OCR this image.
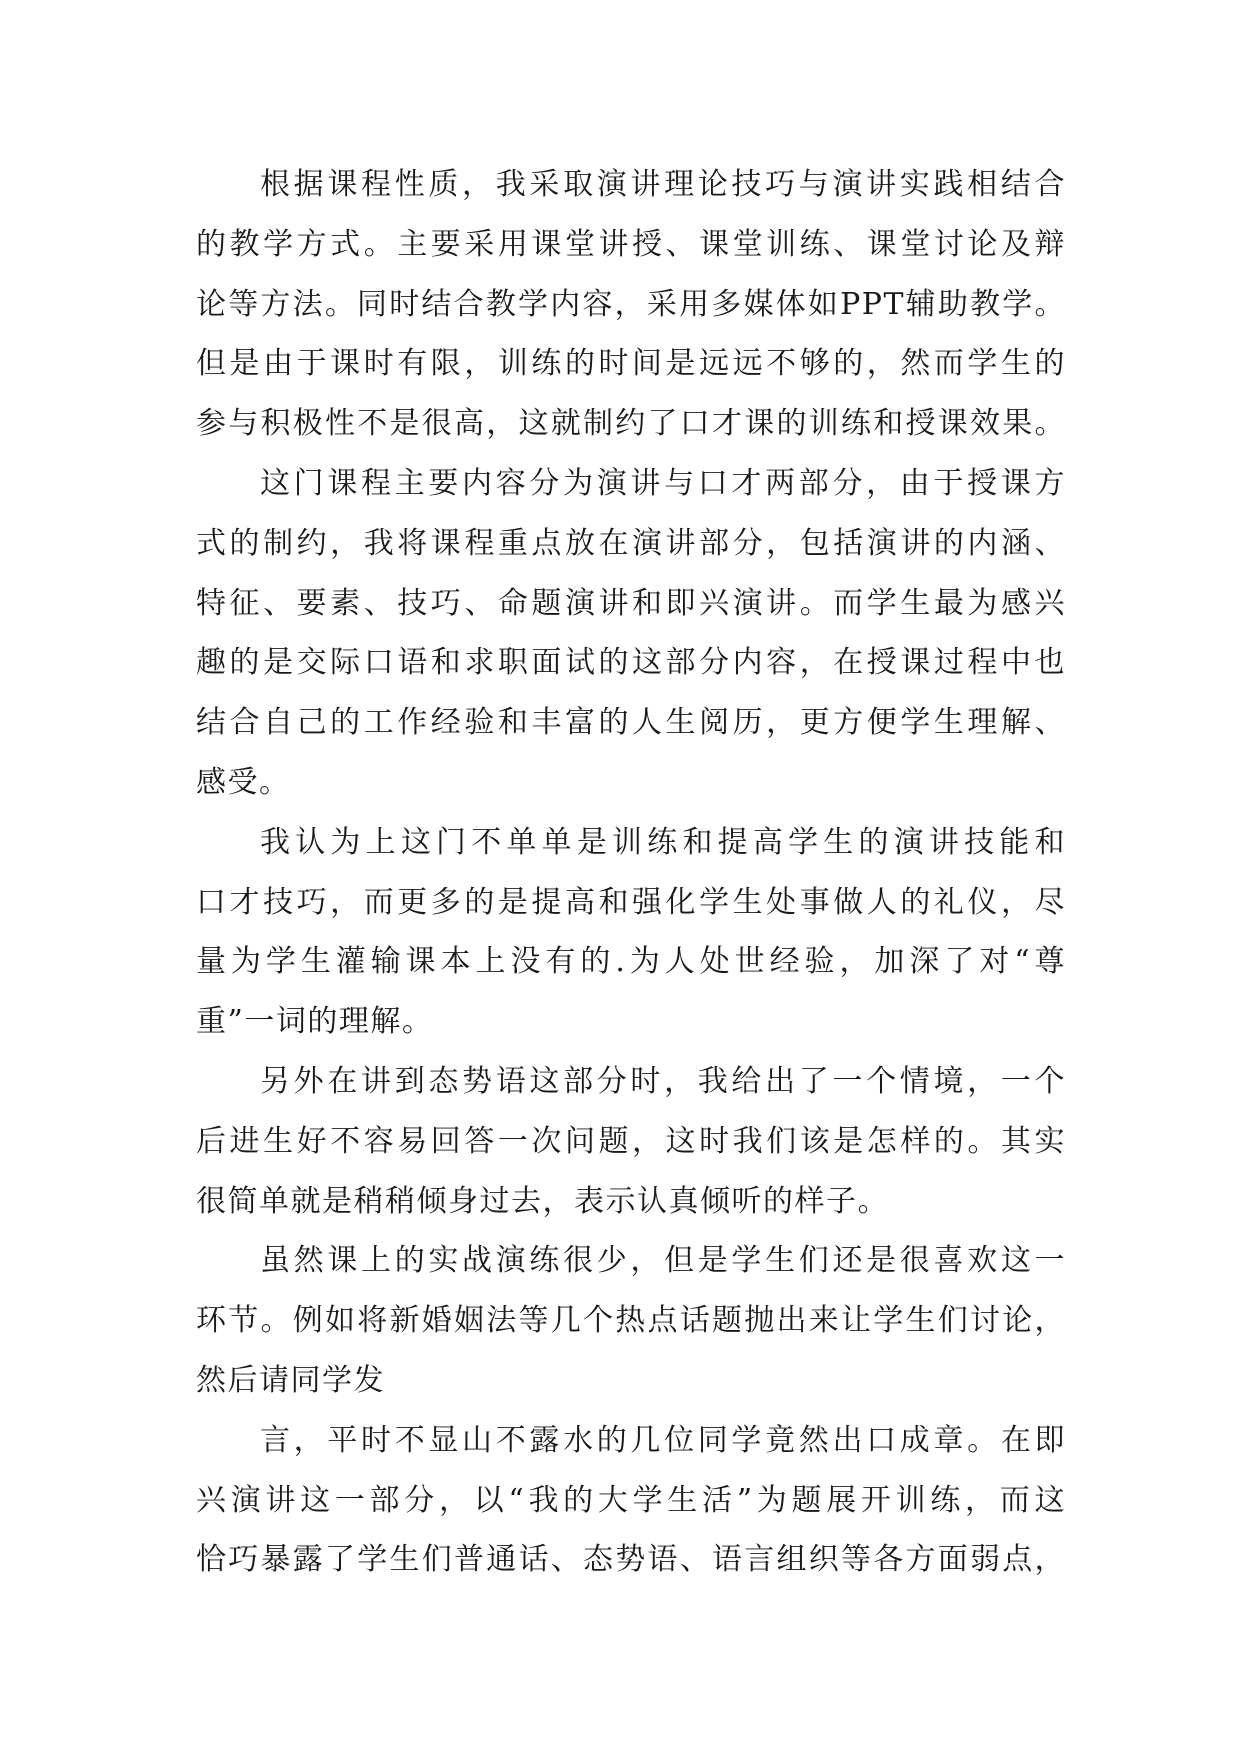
根据课程性质，我采取演讲理论技巧与演讲实践相结合
的教学方式。主要采用课堂讲授、课堂训练、课堂讨论及辩
论等方法。同时结合教学内容，采用多媒体如PPT辅助教学。
但是由于课时有限，训练的时间是远远不够的，然而学生的
参与积极性不是很高，这就制约了口才课的训练和授课效果。
这门课程主要内容分为演讲与口才两部分，由于授课方
式的制约，我将课程重点放在演讲部分，包括演讲的内涵、
特征、要素、技巧、命题演讲和即兴演讲。而学生最为感兴
趣的是交际口语和求职面试的这部分内容，在授课过程中也
结合自己的工作经验和丰富的人生阅历，更方便学生理解、
感受。
我认为上这门不单单是训练和提高学生的演讲技能和
口才技巧，而更多的是提高和强化学生处事做人的礼仪，尽
量为学生灌输课本上没有的.为人处世经验，加深了对“尊
重”一词的理解。
另外在讲到态势语这部分时，我给出了一个情境，一个
后进生好不容易回答一次问题，这时我们该是怎样的。其实
很简单就是稍稍倾身过去，表示认真倾听的样子。
虽然课上的实战演练很少，但是学生们还是很喜欢这一
环节。例如将新婚姻法等几个热点话题抛出来让学生们讨论，
然后请同学发
言，平时不显山不露水的几位同学竟然出口成章。在即
兴演讲这一部分，以“我的大学生活”为题展开训练，而这
恰巧暴露了学生们普通话、态势语、语言组织等各方面弱点，
